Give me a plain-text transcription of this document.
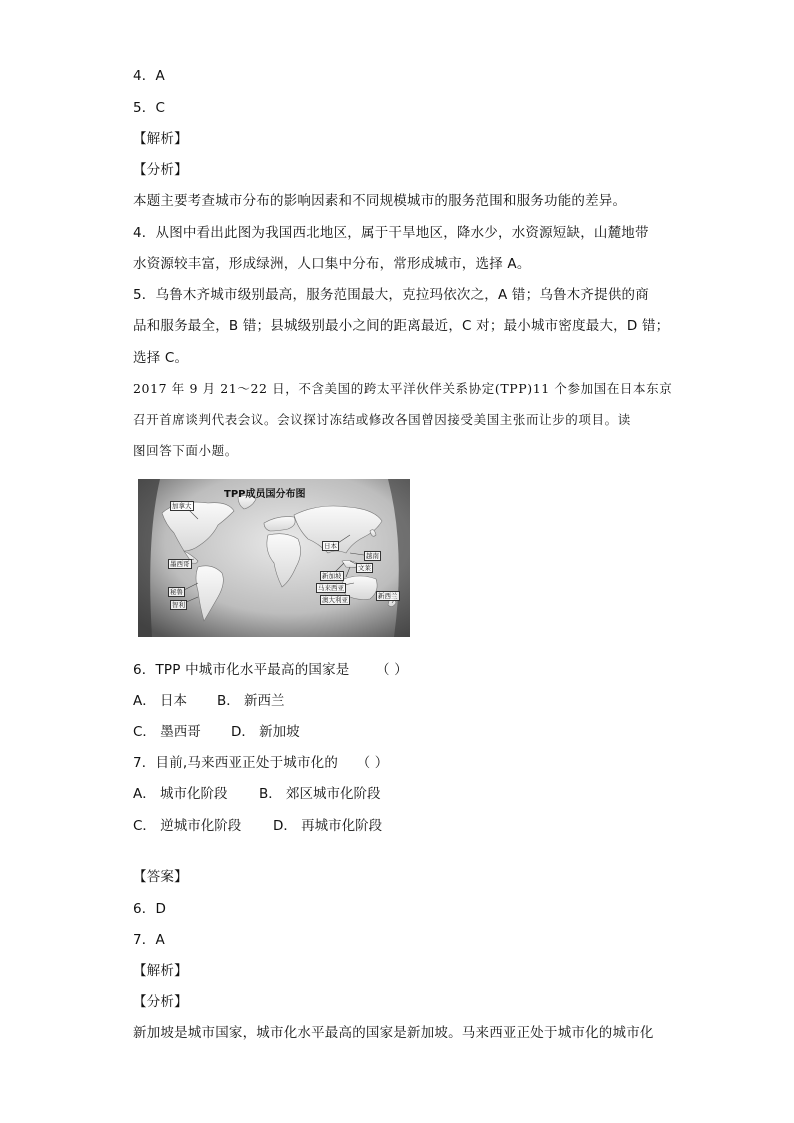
4．A
5．C
【解析】
【分析】
本题主要考查城市分布的影响因素和不同规模城市的服务范围和服务功能的差异。
4．从图中看出此图为我国西北地区，属于干旱地区，降水少，水资源短缺，山麓地带
水资源较丰富，形成绿洲，人口集中分布，常形成城市，选择 A。
5．乌鲁木齐城市级别最高，服务范围最大，克拉玛依次之，A 错；乌鲁木齐提供的商
品和服务最全，B 错；县城级别最小之间的距离最近，C 对；最小城市密度最大，D 错；
选择 C。
2017 年 9 月 21～22 日，不含美国的跨太平洋伙伴关系协定(TPP)11 个参加国在日本东京
召开首席谈判代表会议。会议探讨冻结或修改各国曾因接受美国主张而让步的项目。读
图回答下面小题。
TPP成员国分布图
加拿大
墨西哥
秘鲁
智利
日本
越南
文莱
新加坡
马来西亚
澳大利亚	新西兰
6．TPP 中城市化水平最高的国家是 （ ）
A． 日本 B． 新西兰
C． 墨西哥 D． 新加坡
7．目前,马来西亚正处于城市化的 （ ）
A． 城市化阶段 B． 郊区城市化阶段
C． 逆城市化阶段 D． 再城市化阶段
【答案】
6．D
7．A
【解析】
【分析】
新加坡是城市国家，城市化水平最高的国家是新加坡。马来西亚正处于城市化的城市化
